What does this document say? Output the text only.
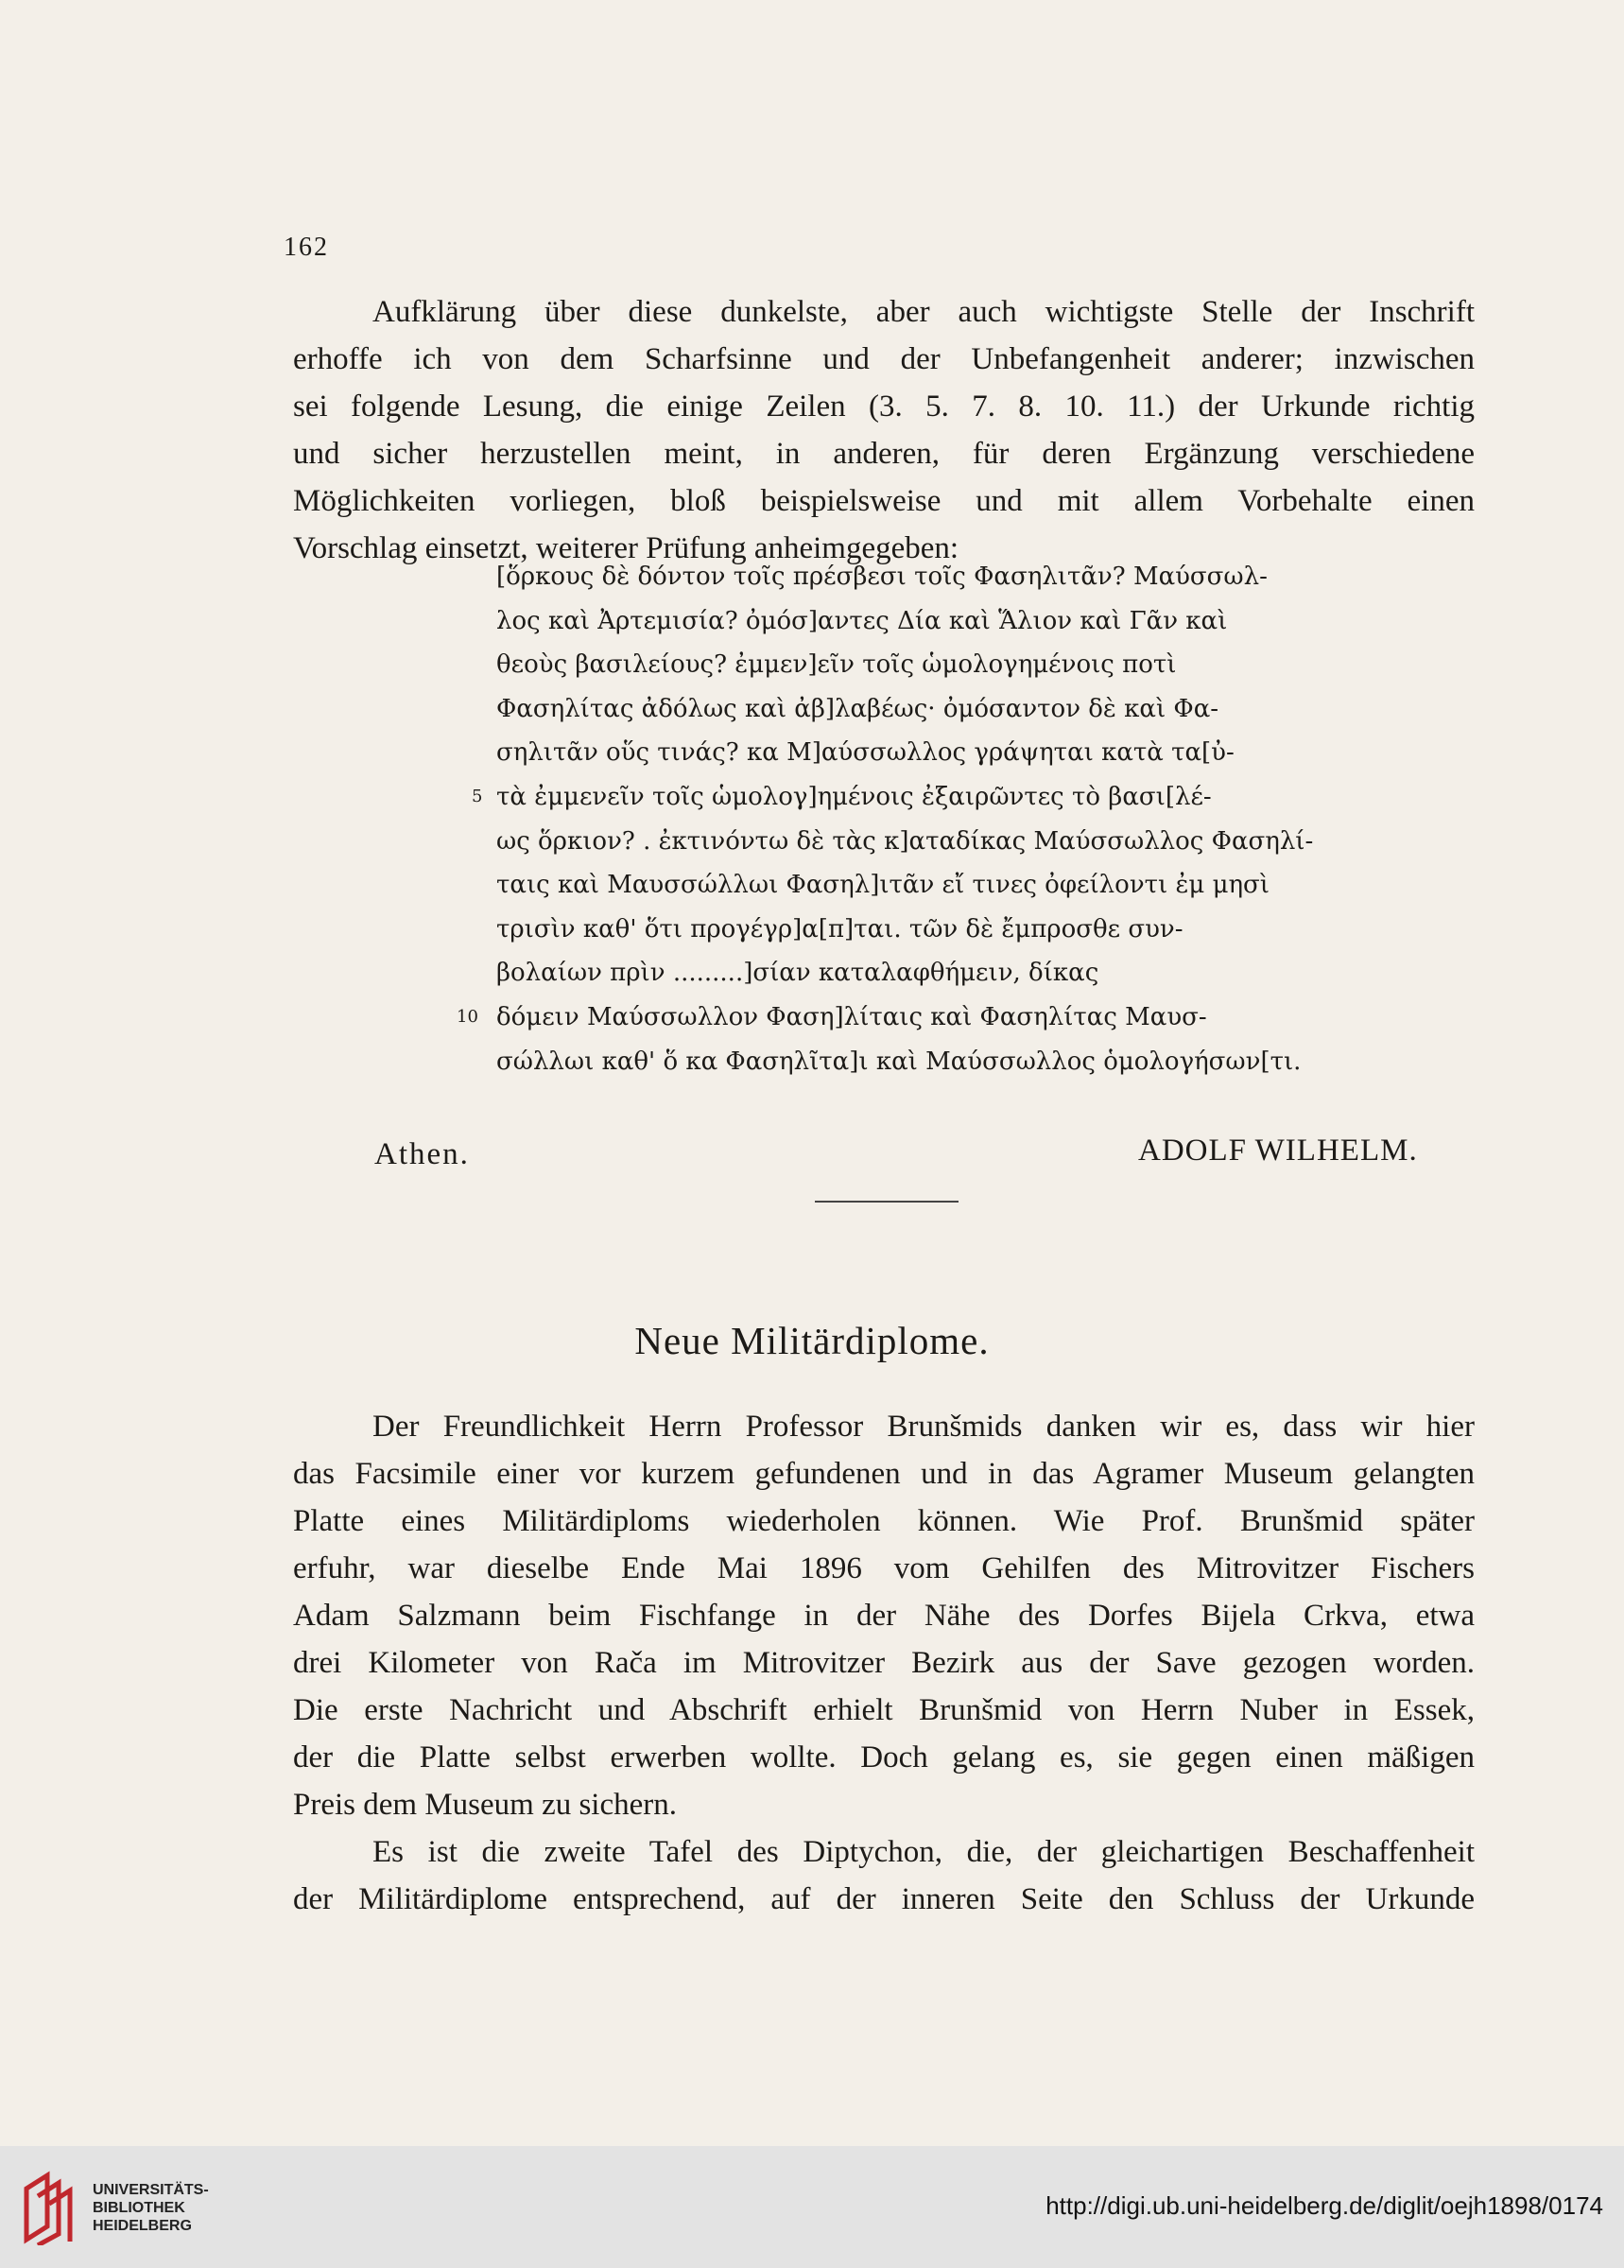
162
Aufklärung über diese dunkelste, aber auch wichtigste Stelle der Inschrift
erhoffe ich von dem Scharfsinne und der Unbefangenheit anderer; inzwischen
sei folgende Lesung, die einige Zeilen (3. 5. 7. 8. 10. 11.) der Urkunde richtig
und sicher herzustellen meint, in anderen, für deren Ergänzung verschiedene
Möglichkeiten vorliegen, bloß beispielsweise und mit allem Vorbehalte einen
Vorschlag einsetzt, weiterer Prüfung anheimgegeben:
[ὅρκους δὲ δόντον τοῖς πρέσβεσι τοῖς Φασηλιτᾶν? Μαύσσωλ-
λος καὶ Ἀρτεμισία? ὀμόσ]αντες Δία καὶ Ἅλιον καὶ Γᾶν καὶ
θεοὺς βασιλείους? ἐμμεν]εῖν τοῖς ὡμολογημένοις ποτὶ
Φασηλίτας ἀδόλως καὶ ἀβ]λαβέως· ὀμόσαντον δὲ καὶ Φα-
σηλιτᾶν οὕς τινάς? κα Μ]αύσσωλλος γράψηται κατὰ τα[ὐ-
5 τὰ ἐμμενεῖν τοῖς ὡμολογ]ημένοις ἐξαιρῶντες τὸ βασι[λέ-
ως ὅρκιον? . ἐκτινόντω δὲ τὰς κ]αταδίκας Μαύσσωλλος Φασηλί-
ταις καὶ Μαυσσώλλωι Φασηλ]ιτᾶν εἴ τινες ὀφείλοντι ἐμ μησὶ
τρισὶν καθ' ὅτι προγέγρ]α[π]ται. τῶν δὲ ἔμπροσθε συν-
βολαίων πρὶν .........]σίαν καταλαφθήμειν, δίκας
10 δόμειν Μαύσσωλλον Φαση]λίταις καὶ Φασηλίτας Μαυσ-
σώλλωι καθ' ὅ κα Φασηλῖτα]ι καὶ Μαύσσωλλος ὁμολογήσων[τι.
Athen.	ADOLF WILHELM.
Neue Militärdiplome.
Der Freundlichkeit Herrn Professor Brunšmids danken wir es, dass wir hier
das Facsimile einer vor kurzem gefundenen und in das Agramer Museum gelangten
Platte eines Militärdiploms wiederholen können. Wie Prof. Brunšmid später
erfuhr, war dieselbe Ende Mai 1896 vom Gehilfen des Mitrovitzer Fischers
Adam Salzmann beim Fischfange in der Nähe des Dorfes Bijela Crkva, etwa
drei Kilometer von Rača im Mitrovitzer Bezirk aus der Save gezogen worden.
Die erste Nachricht und Abschrift erhielt Brunšmid von Herrn Nuber in Essek,
der die Platte selbst erwerben wollte. Doch gelang es, sie gegen einen mäßigen
Preis dem Museum zu sichern.
Es ist die zweite Tafel des Diptychon, die, der gleichartigen Beschaffenheit
der Militärdiplome entsprechend, auf der inneren Seite den Schluss der Urkunde
UNIVERSITÄTS-
BIBLIOTHEK
HEIDELBERG
http://digi.ub.uni-heidelberg.de/diglit/oejh1898/0174
